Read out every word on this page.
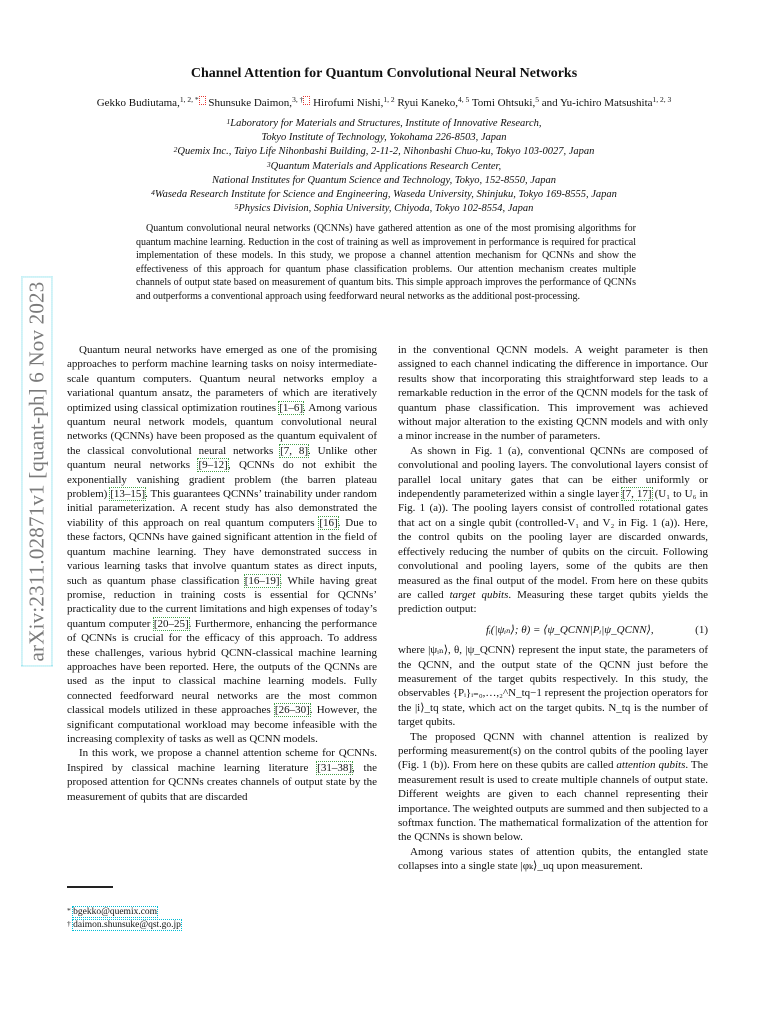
arXiv:2311.02871v1 [quant-ph] 6 Nov 2023
Channel Attention for Quantum Convolutional Neural Networks
Gekko Budiutama,$^{1, 2, *}$ Shunsuke Daimon,$^{3, \dagger}$ Hirofumi Nishi,$^{1, 2}$ Ryui Kaneko,$^{4, 5}$ Tomi Ohtsuki,$^5$ and Yu-ichiro Matsushita$^{1, 2, 3}$
$^1$Laboratory for Materials and Structures, Institute of Innovative Research,
Tokyo Institute of Technology, Yokohama 226-8503, Japan
$^2$Quemix Inc., Taiyo Life Nihonbashi Building, 2-11-2, Nihonbashi Chuo-ku, Tokyo 103-0027, Japan
$^3$Quantum Materials and Applications Research Center,
National Institutes for Quantum Science and Technology, Tokyo, 152-8550, Japan
$^4$Waseda Research Institute for Science and Engineering, Waseda University, Shinjuku, Tokyo 169-8555, Japan
$^5$Physics Division, Sophia University, Chiyoda, Tokyo 102-8554, Japan
Quantum convolutional neural networks (QCNNs) have gathered attention as one of the most promising algorithms for quantum machine learning. Reduction in the cost of training as well as improvement in performance is required for practical implementation of these models. In this study, we propose a channel attention mechanism for QCNNs and show the effectiveness of this approach for quantum phase classification problems. Our attention mechanism creates multiple channels of output state based on measurement of quantum bits. This simple approach improves the performance of QCNNs and outperforms a conventional approach using feedforward neural networks as the additional post-processing.

Quantum neural networks have emerged as one of the promising approaches to perform machine learning tasks on noisy intermediate-scale quantum computers. Quantum neural networks employ a variational quantum ansatz, the parameters of which are iteratively optimized using classical optimization routines [1–6]. Among various quantum neural network models, quantum convolutional neural networks (QCNNs) have been proposed as the quantum equivalent of the classical convolutional neural networks [7, 8]. Unlike other quantum neural networks [9–12], QCNNs do not exhibit the exponentially vanishing gradient problem (the barren plateau problem) [13–15]. This guarantees QCNNs’ trainability under random initial parameterization. A recent study has also demonstrated the viability of this approach on real quantum computers [16]. Due to these factors, QCNNs have gained significant attention in the field of quantum machine learning. They have demonstrated success in various learning tasks that involve quantum states as direct inputs, such as quantum phase classification [16–19]. While having great promise, reduction in training costs is essential for QCNNs’ practicality due to the current limitations and high expenses of today’s quantum computer [20–25]. Furthermore, enhancing the performance of QCNNs is crucial for the efficacy of this approach. To address these challenges, various hybrid QCNN-classical machine learning approaches have been reported. Here, the outputs of the QCNNs are used as the input to classical machine learning models. Fully connected feedforward neural networks are the most common classical models utilized in these approaches [26–30]. However, the significant computational workload may become infeasible with the increasing complexity of tasks as well as QCNN models.

In this work, we propose a channel attention scheme for QCNNs. Inspired by classical machine learning literature [31–38], the proposed attention for QCNNs creates channels of output state by the measurement of qubits that are discarded

* bgekko@quemix.com
† daimon.shunsuke@qst.go.jp

in the conventional QCNN models. A weight parameter is then assigned to each channel indicating the difference in importance. Our results show that incorporating this straightforward step leads to a remarkable reduction in the error of the QCNN models for the task of quantum phase classification. This improvement was achieved without major alteration to the existing QCNN models and with only a minor increase in the number of parameters.

As shown in Fig. 1 (a), conventional QCNNs are composed of convolutional and pooling layers. The convolutional layers consist of parallel local unitary gates that can be either uniformly or independently parameterized within a single layer [7, 17] (U₁ to U₆ in Fig. 1 (a)). The pooling layers consist of controlled rotational gates that act on a single qubit (controlled-V₁ and V₂ in Fig. 1 (a)). Here, the control qubits on the pooling layer are discarded onwards, effectively reducing the number of qubits on the circuit. Following convolutional and pooling layers, some of the qubits are then measured as the final output of the model. From here on these qubits are called target qubits. Measuring these target qubits yields the prediction output:

fᵢ(|ψᵢₙ⟩; θ) = ⟨ψ_QCNN|Pᵢ|ψ_QCNN⟩,	(1)

where |ψᵢₙ⟩, θ, |ψ_QCNN⟩ represent the input state, the parameters of the QCNN, and the output state of the QCNN just before the measurement of the target qubits respectively. In this study, the observables {Pᵢ}ᵢ₌₀,…,₂^N_tq−1 represent the projection operators for the |i⟩_tq state, which act on the target qubits. N_tq is the number of target qubits.

The proposed QCNN with channel attention is realized by performing measurement(s) on the control qubits of the pooling layer (Fig. 1 (b)). From here on these qubits are called attention qubits. The measurement result is used to create multiple channels of output state. Different weights are given to each channel representing their importance. The weighted outputs are summed and then subjected to a softmax function. The mathematical formalization of the attention for the QCNNs is shown below.

Among various states of attention qubits, the entangled state collapses into a single state |φₖ⟩_uq upon measurement.
